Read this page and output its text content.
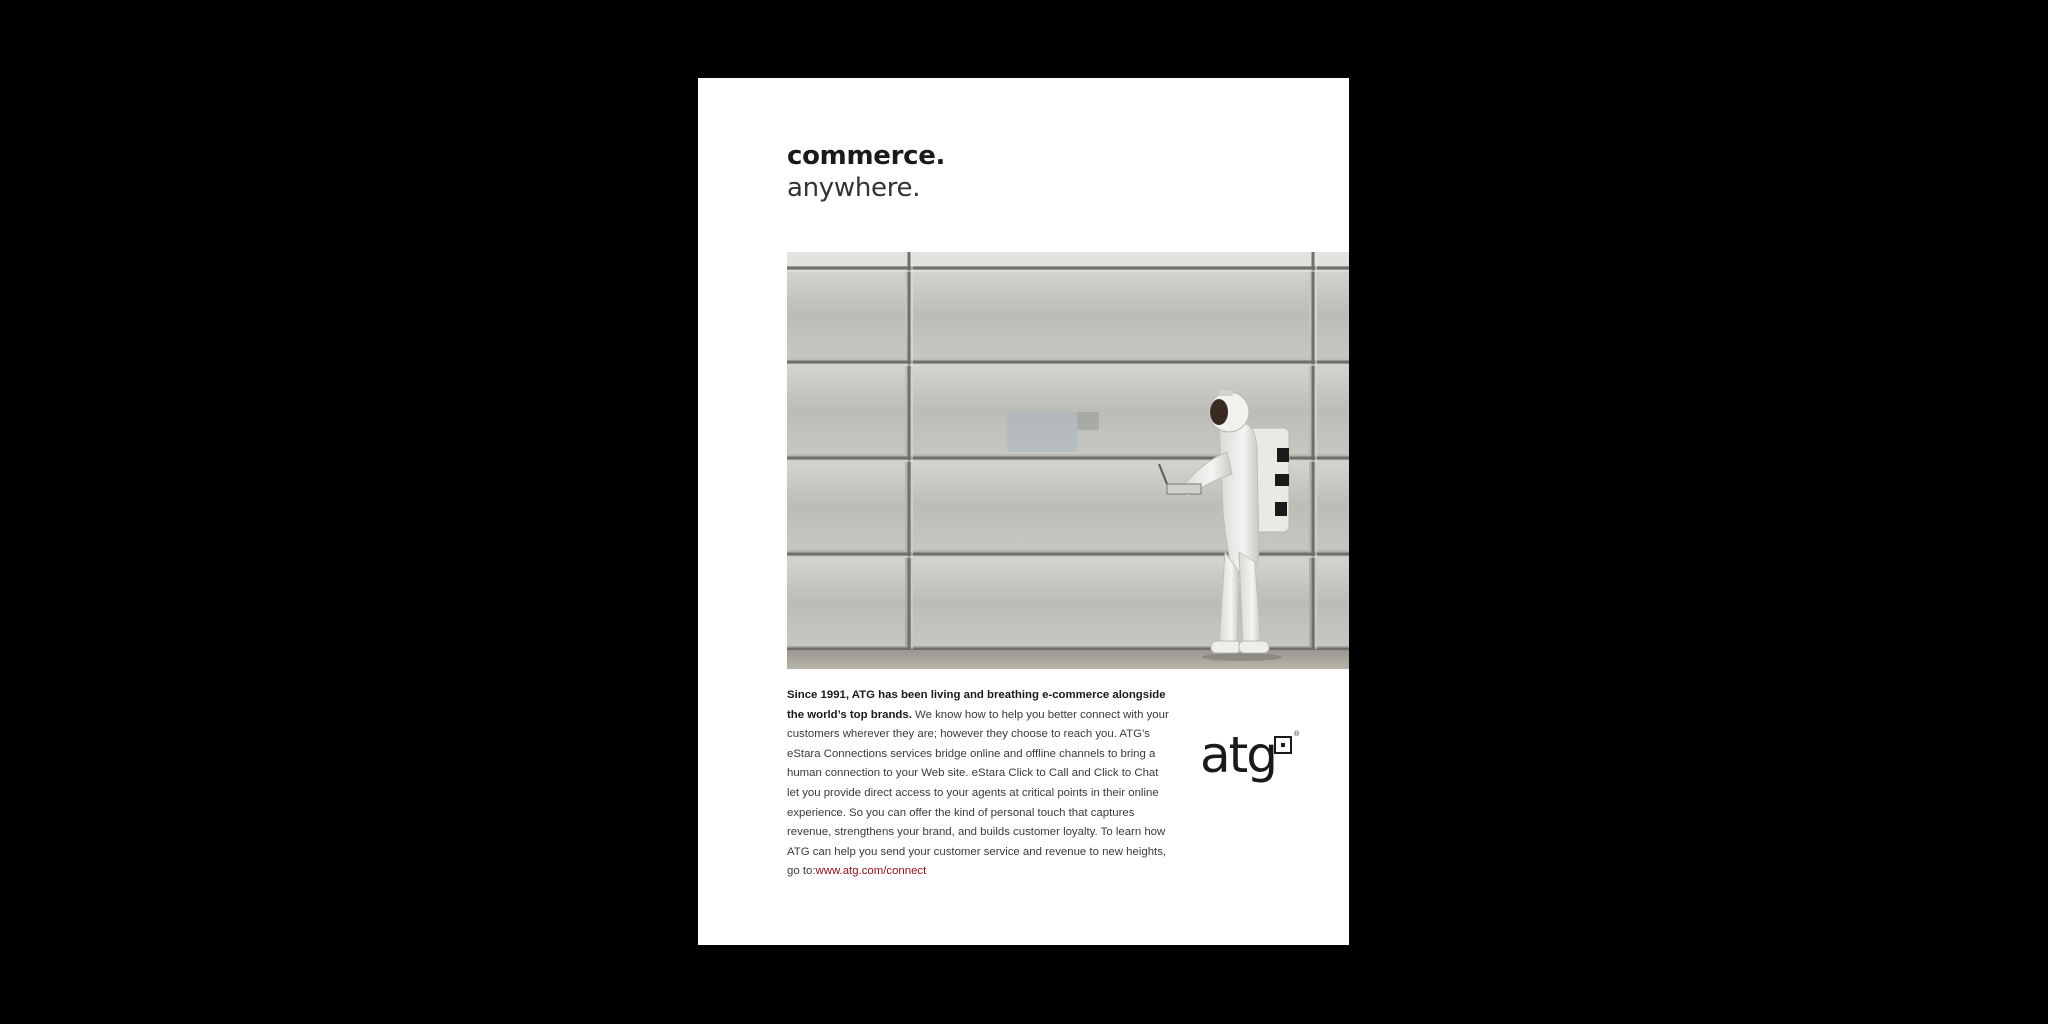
commerce.
anywhere.
Since 1991, ATG has been living and breathing e-commerce alongside the world’s top brands. We know how to help you better connect with your customers wherever they are; however they choose to reach you. ATG’s eStara Connections services bridge online and offline channels to bring a human connection to your Web site. eStara Click to Call and Click to Chat let you provide direct access to your agents at critical points in their online experience. So you can offer the kind of personal touch that captures revenue, strengthens your brand, and builds customer loyalty. To learn how ATG can help you send your customer service and revenue to new heights, go to:www.atg.com/connect
atg	®
